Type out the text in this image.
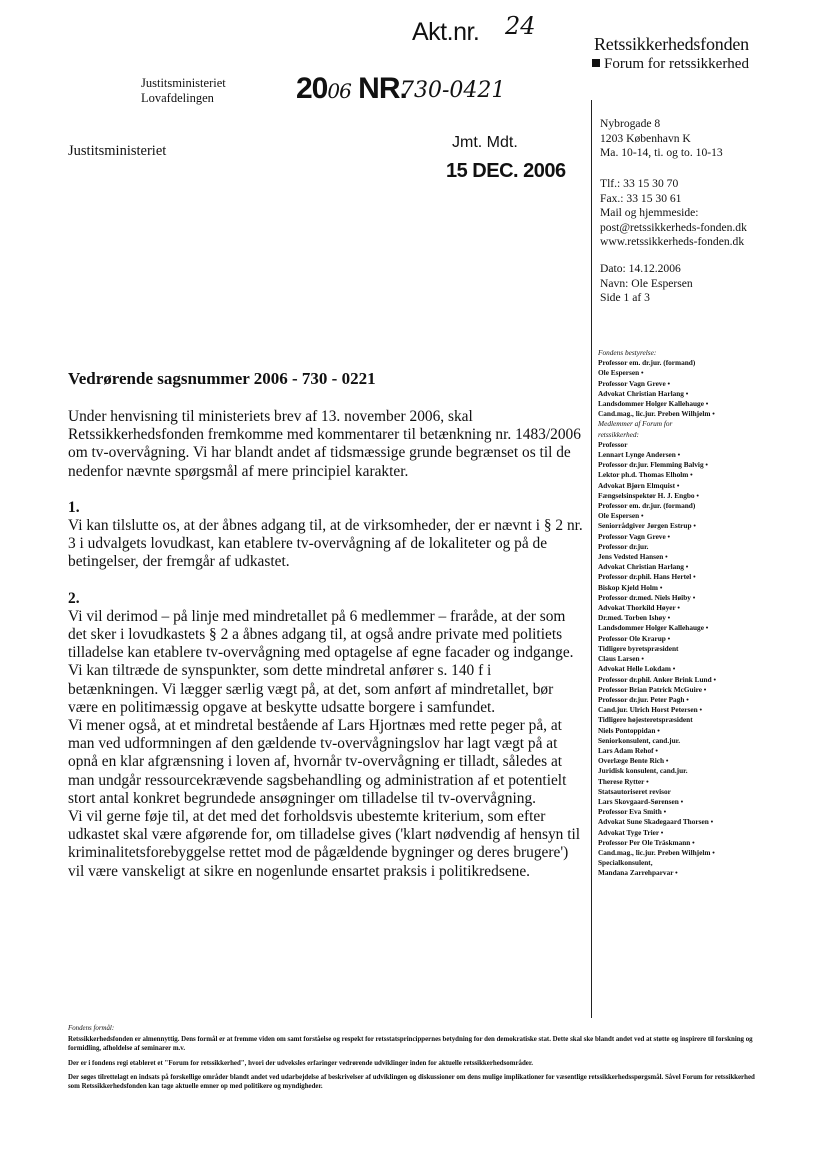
Akt.nr. 24
2006 NR.
730-0421
Jmt. Mdt.
15 DEC. 2006
Retssikkerhedsfonden
Forum for retssikkerhed
Justitsministeriet
Lovafdelingen
Justitsministeriet
Nybrogade 8
1203 København K
Ma. 10-14, ti. og to. 10-13
Tlf.: 33 15 30 70
Fax.: 33 15 30 61
Mail og hjemmeside:
post@retssikkerheds-fonden.dk
www.retssikkerheds-fonden.dk
Dato: 14.12.2006
Navn: Ole Espersen
Side 1 af 3
Fondens bestyrelse:
Professor em. dr.jur. (formand)
Ole Espersen •
Professor Vagn Greve •
Advokat Christian Harlang •
Landsdommer Holger Kallehauge •
Cand.mag., lic.jur. Preben Wilhjelm •
Medlemmer af Forum for
retssikkerhed:
Professor
Lennart Lynge Andersen •
Professor dr.jur. Flemming Balvig •
Lektor ph.d. Thomas Elholm •
Advokat Bjørn Elmquist •
Fængselsinspektør H. J. Engbo •
Professor em. dr.jur. (formand)
Ole Espersen •
Seniorrådgiver Jørgen Estrup •
Professor Vagn Greve •
Professor dr.jur.
Jens Vedsted Hansen •
Advokat Christian Harlang •
Professor dr.phil. Hans Hertel •
Biskop Kjeld Holm •
Professor dr.med. Niels Høiby •
Advokat Thorkild Høyer •
Dr.med. Torben Ishøy •
Landsdommer Holger Kallehauge •
Professor Ole Krarup •
Tidligere byretspræsident
Claus Larsen •
Advokat Helle Lokdam •
Professor dr.phil. Anker Brink Lund •
Professor Brian Patrick McGuire •
Professor dr.jur. Peter Pagh •
Cand.jur. Ulrich Horst Petersen •
Tidligere højesteretspræsident
Niels Pontoppidan •
Seniorkonsulent, cand.jur.
Lars Adam Rehof •
Overlæge Bente Rich •
Juridisk konsulent, cand.jur.
Therese Rytter •
Statsautoriseret revisor
Lars Skovgaard-Sørensen •
Professor Eva Smith •
Advokat Sune Skadegaard Thorsen •
Advokat Tyge Trier •
Professor Per Ole Träskmann •
Cand.mag., lic.jur. Preben Wilhjelm •
Specialkonsulent,
Mandana Zarrehparvar •
Vedrørende sagsnummer 2006 - 730 - 0221

Under henvisning til ministeriets brev af 13. november 2006, skal Retssikkerhedsfonden fremkomme med kommentarer til betænkning nr. 1483/2006 om tv-overvågning. Vi har blandt andet af tidsmæssige grunde begrænset os til de nedenfor nævnte spørgsmål af mere principiel karakter.

1.

Vi kan tilslutte os, at der åbnes adgang til, at de virksomheder, der er nævnt i § 2 nr. 3 i udvalgets lovudkast, kan etablere tv-overvågning af de lokaliteter og på de betingelser, der fremgår af udkastet.

2.

Vi vil derimod – på linje med mindretallet på 6 medlemmer – fraråde, at der som det sker i lovudkastets § 2 a åbnes adgang til, at også andre private med politiets tilladelse kan etablere tv-overvågning med optagelse af egne facader og indgange. Vi kan tiltræde de synspunkter, som dette mindretal anfører s. 140 f i betænkningen. Vi lægger særlig vægt på, at det, som anført af mindretallet, bør være en politimæssig opgave at beskytte udsatte borgere i samfundet.

Vi mener også, at et mindretal bestående af Lars Hjortnæs med rette peger på, at man ved udformningen af den gældende tv-overvågningslov har lagt vægt på at opnå en klar afgrænsning i loven af, hvornår tv-overvågning er tilladt, således at man undgår ressourcekrævende sagsbehandling og administration af et potentielt stort antal konkret begrundede ansøgninger om tilladelse til tv-overvågning.

Vi vil gerne føje til, at det med det forholdsvis ubestemte kriterium, som efter udkastet skal være afgørende for, om tilladelse gives ('klart nødvendig af hensyn til kriminalitetsforebyggelse rettet mod de pågældende bygninger og deres brugere') vil være vanskeligt at sikre en nogenlunde ensartet praksis i politikredsene.

Fondens formål:

Retssikkerhedsfonden er almennyttig. Dens formål er at fremme viden om samt forståelse og respekt for retsstatsprincippernes betydning for den demokratiske stat. Dette skal ske blandt andet ved at støtte og inspirere til forskning og formidling, afholdelse af seminarer m.v.

Der er i fondens regi etableret et "Forum for retssikkerhed", hvori der udveksles erfaringer vedrørende udviklinger inden for aktuelle retssikkerhedsområder.

Der søges tilrettelagt en indsats på forskellige områder blandt andet ved udarbejdelse af beskrivelser af udviklingen og diskussioner om dens mulige implikationer for væsentlige retssikkerhedsspørgsmål. Såvel Forum for retssikkerhed som Retssikkerhedsfonden kan tage aktuelle emner op med politikere og myndigheder.
